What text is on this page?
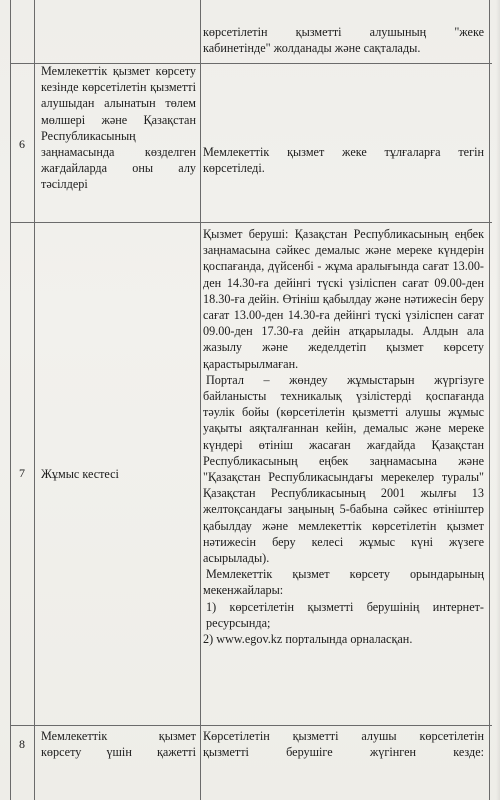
көрсетілетін қызметті алушының "жеке

кабинетінде" жолданады және сақталады.

6
Мемлекеттік қызмет көрсету кезінде көрсетілетін қызметті алушыдан алынатын төлем мөлшері және Қазақстан Республикасының заңнамасында көзделген жағдайларда оны алу тәсілдері
Мемлекеттік қызмет жеке тұлғаларға тегін көрсетіледі.
7	Жұмыс кестесі

Қызмет беруші: Қазақстан Республикасының еңбек заңнамасына сәйкес демалыс және мереке күндерін қоспағанда, дүйсенбі - жұма аралығында сағат 13.00-ден 14.30-ға дейінгі түскі үзіліспен сағат 09.00-ден 18.30-ға дейін. Өтініш қабылдау және нәтижесін беру сағат 13.00-ден 14.30-ға дейінгі түскі үзіліспен сағат 09.00-ден 17.30-ға дейін атқарылады. Алдын ала жазылу және жеделдетіп қызмет көрсету қарастырылмаған.

Портал – жөндеу жұмыстарын жүргізуге байланысты техникалық үзілістерді қоспағанда тәулік бойы (көрсетілетін қызметті алушы жұмыс уақыты аяқталғаннан кейін, демалыс және мереке күндері өтініш жасаған жағдайда Қазақстан Республикасының еңбек заңнамасына және "Қазақстан Республикасындағы мерекелер туралы" Қазақстан Республикасының 2001 жылғы 13 желтоқсандағы заңының 5-бабына сәйкес өтініштер қабылдау және мемлекеттік көрсетілетін қызмет нәтижесін беру келесі жұмыс күні жүзеге асырылады).

Мемлекеттік қызмет көрсету орындарының мекенжайлары:

1) көрсетілетін қызметті берушінің интернет-ресурсында;

2) www.egov.kz порталында орналасқан.

8
Мемлекеттік	қызмет

көрсету үшін қажетті

Көрсетілетін қызметті алушы көрсетілетін

қызметті берушіге жүгінген кезде:
